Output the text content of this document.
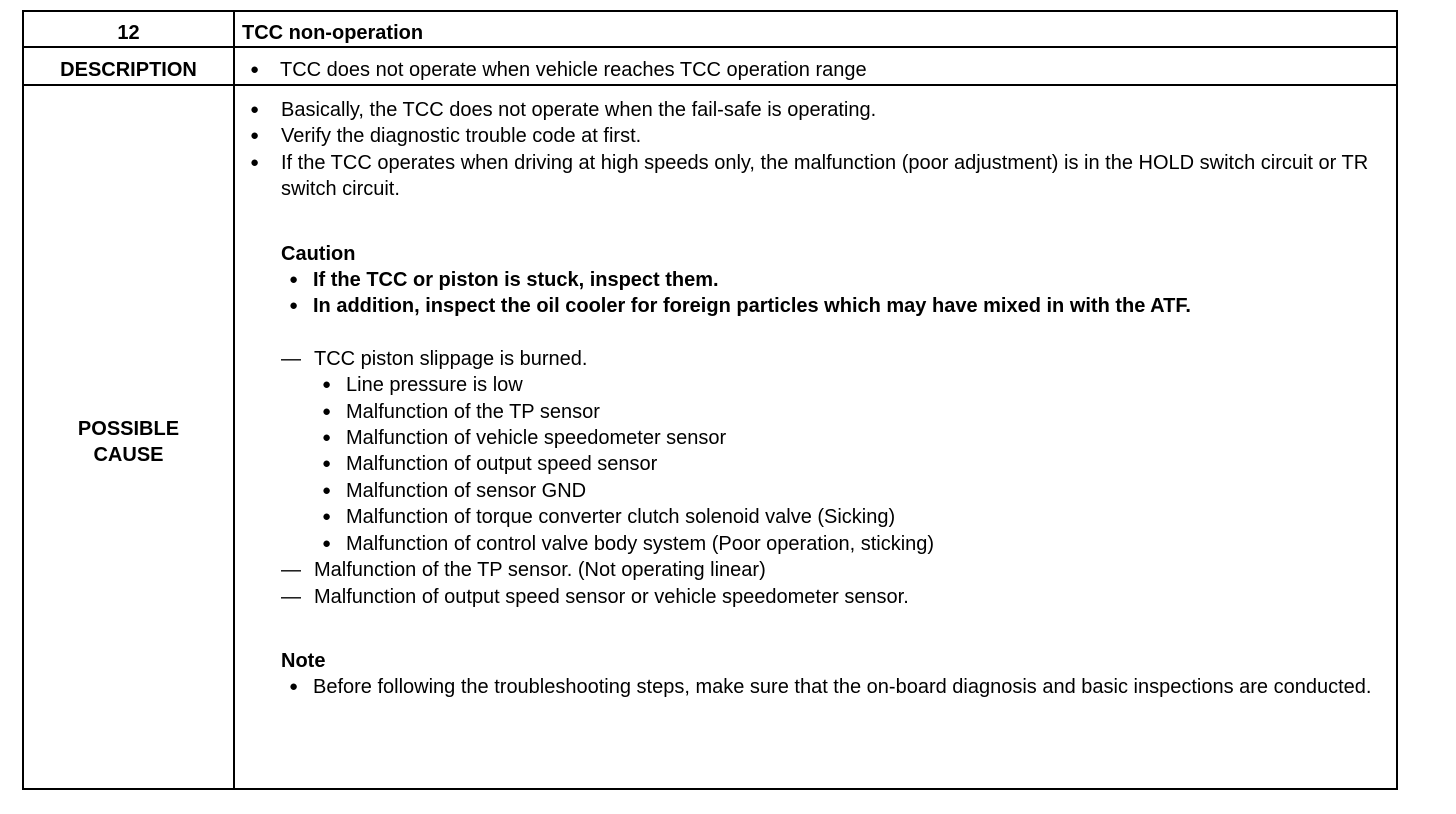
12	TCC non-operation
DESCRIPTION
●	TCC does not operate when vehicle reaches TCC operation range
POSSIBLE
CAUSE
● Basically, the TCC does not operate when the fail-safe is operating.
● Verify the diagnostic trouble code at first.
● If the TCC operates when driving at high speeds only, the malfunction (poor adjustment) is in the HOLD switch circuit or TR switch circuit.
Caution
● If the TCC or piston is stuck, inspect them.
● In addition, inspect the oil cooler for foreign particles which may have mixed in with the ATF.
— TCC piston slippage is burned.
● Line pressure is low
● Malfunction of the TP sensor
● Malfunction of vehicle speedometer sensor
● Malfunction of output speed sensor
● Malfunction of sensor GND
● Malfunction of torque converter clutch solenoid valve (Sicking)
● Malfunction of control valve body system (Poor operation, sticking)
— Malfunction of the TP sensor. (Not operating linear)
— Malfunction of output speed sensor or vehicle speedometer sensor.
Note
● Before following the troubleshooting steps, make sure that the on-board diagnosis and basic inspections are conducted.
